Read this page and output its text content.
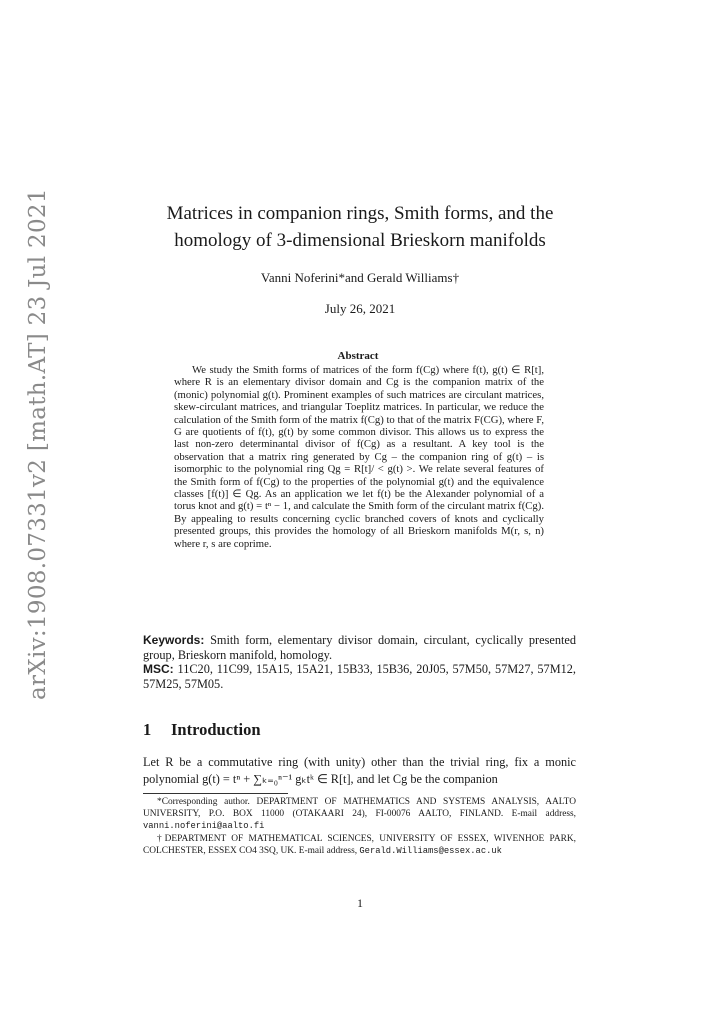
arXiv:1908.07331v2 [math.AT] 23 Jul 2021	Matrices in companion rings, Smith forms, and the
homology of 3-dimensional Brieskorn manifolds
Vanni Noferini*and Gerald Williams†
July 26, 2021
Abstract
We study the Smith forms of matrices of the form f(Cg) where f(t), g(t) ∈ R[t], where R is an elementary divisor domain and Cg is the companion matrix of the (monic) polynomial g(t). Prominent examples of such matrices are circulant matrices, skew-circulant matrices, and triangular Toeplitz matrices. In particular, we reduce the calculation of the Smith form of the matrix f(Cg) to that of the matrix F(CG), where F, G are quotients of f(t), g(t) by some common divisor. This allows us to express the last non-zero determinantal divisor of f(Cg) as a resultant. A key tool is the observation that a matrix ring generated by Cg – the companion ring of g(t) – is isomorphic to the polynomial ring Qg = R[t]/ < g(t) >. We relate several features of the Smith form of f(Cg) to the properties of the polynomial g(t) and the equivalence classes [f(t)] ∈ Qg. As an application we let f(t) be the Alexander polynomial of a torus knot and g(t) = tⁿ − 1, and calculate the Smith form of the circulant matrix f(Cg). By appealing to results concerning cyclic branched covers of knots and cyclically presented groups, this provides the homology of all Brieskorn manifolds M(r, s, n) where r, s are coprime.
Keywords: Smith form, elementary divisor domain, circulant, cyclically presented group, Brieskorn manifold, homology.
MSC: 11C20, 11C99, 15A15, 15A21, 15B33, 15B36, 20J05, 57M50, 57M27, 57M12, 57M25, 57M05.
1 Introduction
Let R be a commutative ring (with unity) other than the trivial ring, fix a monic polynomial g(t) = tⁿ + ∑ₖ₌₀ⁿ⁻¹ gₖtᵏ ∈ R[t], and let Cg be the companion

*Corresponding author. DEPARTMENT OF MATHEMATICS AND SYSTEMS ANALYSIS, AALTO UNIVERSITY, P.O. BOX 11000 (OTAKAARI 24), FI-00076 AALTO, FINLAND. E-mail address, vanni.noferini@aalto.fi

†DEPARTMENT OF MATHEMATICAL SCIENCES, UNIVERSITY OF ESSEX, WIVENHOE PARK, COLCHESTER, ESSEX CO4 3SQ, UK. E-mail address, Gerald.Williams@essex.ac.uk

1
